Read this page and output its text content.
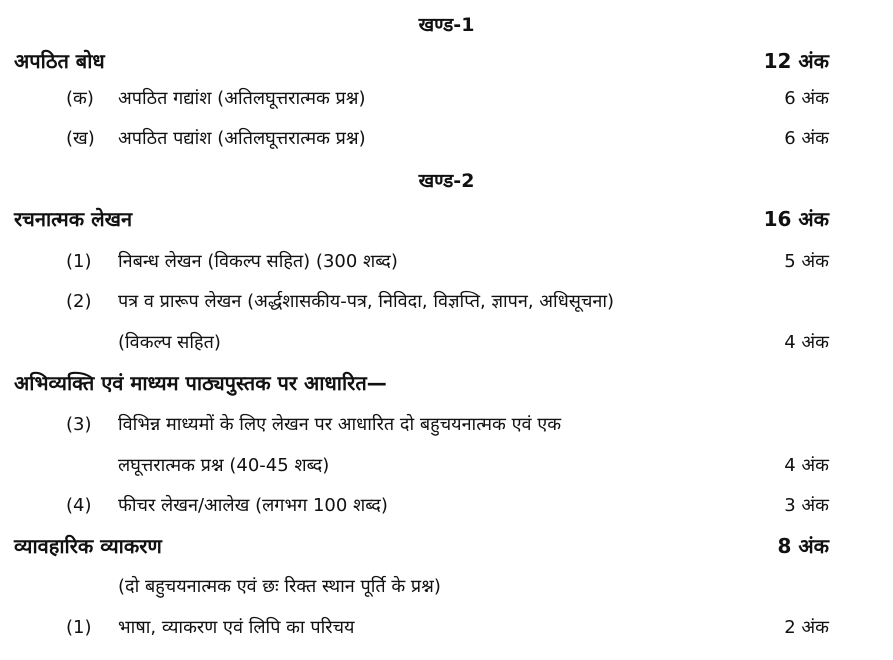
खण्ड-1
अपठित बोध	12 अंक
(क) अपठित गद्यांश (अतिलघूत्तरात्मक प्रश्न)	6 अंक
(ख) अपठित पद्यांश (अतिलघूत्तरात्मक प्रश्न)	6 अंक
खण्ड-2
रचनात्मक लेखन	16 अंक
(1) निबन्ध लेखन (विकल्प सहित) (300 शब्द)	5 अंक
(2) पत्र व प्रारूप लेखन (अर्द्धशासकीय-पत्र, निविदा, विज्ञप्ति, ज्ञापन, अधिसूचना)
(विकल्प सहित)	4 अंक
अभिव्यक्ति एवं माध्यम पाठ्यपुस्तक पर आधारित—
(3) विभिन्न माध्यमों के लिए लेखन पर आधारित दो बहुचयनात्मक एवं एक
लघूत्तरात्मक प्रश्न (40-45 शब्द)	4 अंक
(4) फीचर लेखन/आलेख (लगभग 100 शब्द)	3 अंक
व्यावहारिक व्याकरण	8 अंक
(दो बहुचयनात्मक एवं छः रिक्त स्थान पूर्ति के प्रश्न)
(1) भाषा, व्याकरण एवं लिपि का परिचय	2 अंक
